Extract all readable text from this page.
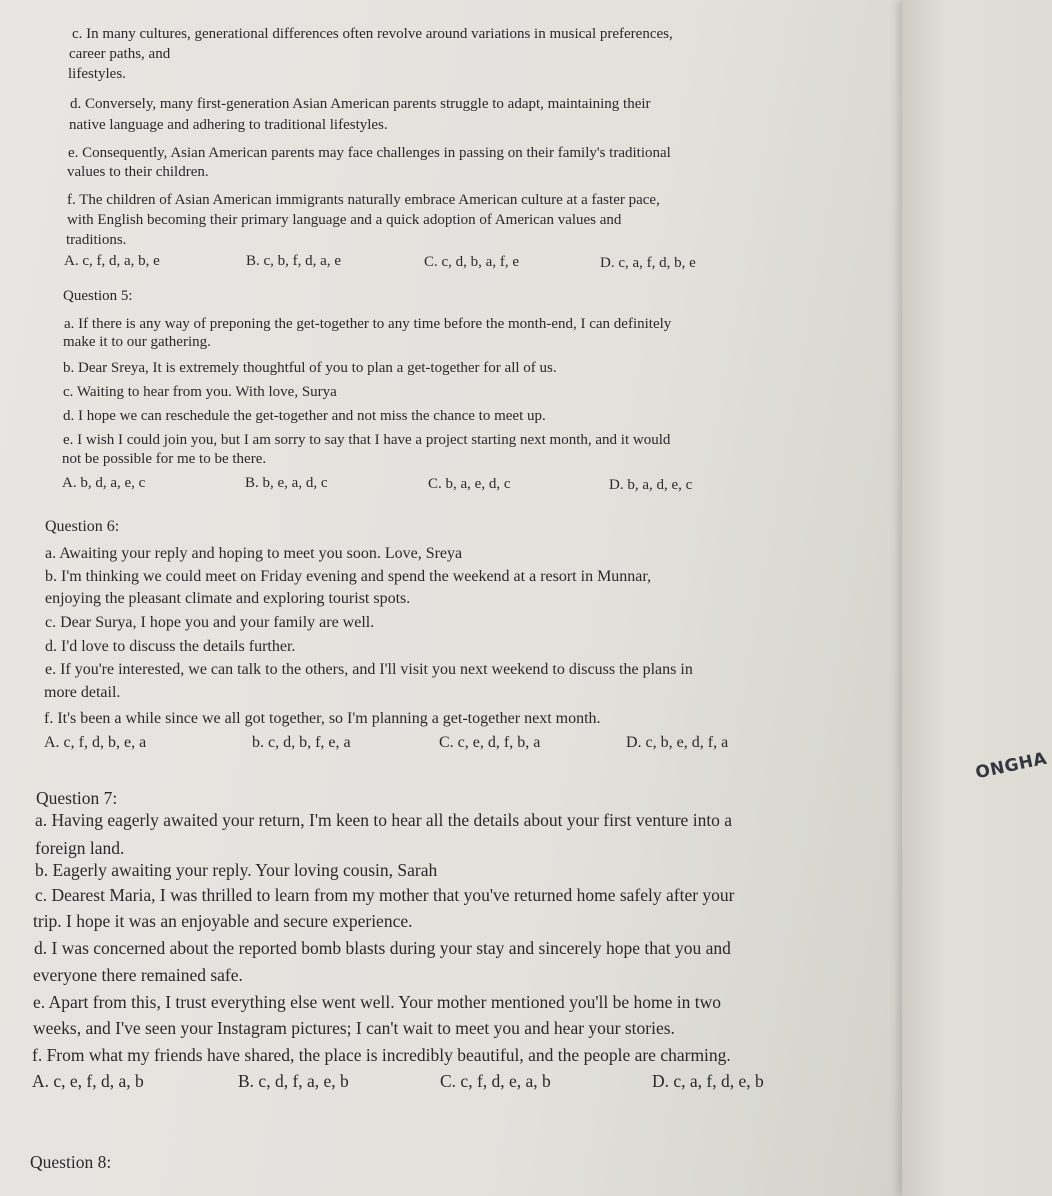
ONGHA
c. In many cultures, generational differences often revolve around variations in musical preferences,
career paths, and
lifestyles.
d. Conversely, many first-generation Asian American parents struggle to adapt, maintaining their
native language and adhering to traditional lifestyles.
e. Consequently, Asian American parents may face challenges in passing on their family's traditional
values to their children.
f. The children of Asian American immigrants naturally embrace American culture at a faster pace,
with English becoming their primary language and a quick adoption of American values and
traditions.
A. c, f, d, a, b, e	B. c, b, f, d, a, e	C. c, d, b, a, f, e	D. c, a, f, d, b, e
Question 5:
a. If there is any way of preponing the get-together to any time before the month-end, I can definitely
make it to our gathering.
b. Dear Sreya, It is extremely thoughtful of you to plan a get-together for all of us.
c. Waiting to hear from you. With love, Surya
d. I hope we can reschedule the get-together and not miss the chance to meet up.
e. I wish I could join you, but I am sorry to say that I have a project starting next month, and it would
not be possible for me to be there.
A. b, d, a, e, c	B. b, e, a, d, c	C. b, a, e, d, c	D. b, a, d, e, c
Question 6:
a. Awaiting your reply and hoping to meet you soon. Love, Sreya
b. I'm thinking we could meet on Friday evening and spend the weekend at a resort in Munnar,
enjoying the pleasant climate and exploring tourist spots.
c. Dear Surya, I hope you and your family are well.
d. I'd love to discuss the details further.
e. If you're interested, we can talk to the others, and I'll visit you next weekend to discuss the plans in
more detail.
f. It's been a while since we all got together, so I'm planning a get-together next month.
A. c, f, d, b, e, a	b. c, d, b, f, e, a	C. c, e, d, f, b, a	D. c, b, e, d, f, a
Question 7:
a. Having eagerly awaited your return, I'm keen to hear all the details about your first venture into a
foreign land.
b. Eagerly awaiting your reply. Your loving cousin, Sarah
c. Dearest Maria, I was thrilled to learn from my mother that you've returned home safely after your
trip. I hope it was an enjoyable and secure experience.
d. I was concerned about the reported bomb blasts during your stay and sincerely hope that you and
everyone there remained safe.
e. Apart from this, I trust everything else went well. Your mother mentioned you'll be home in two
weeks, and I've seen your Instagram pictures; I can't wait to meet you and hear your stories.
f. From what my friends have shared, the place is incredibly beautiful, and the people are charming.
A. c, e, f, d, a, b	B. c, d, f, a, e, b	C. c, f, d, e, a, b	D. c, a, f, d, e, b
Question 8:
